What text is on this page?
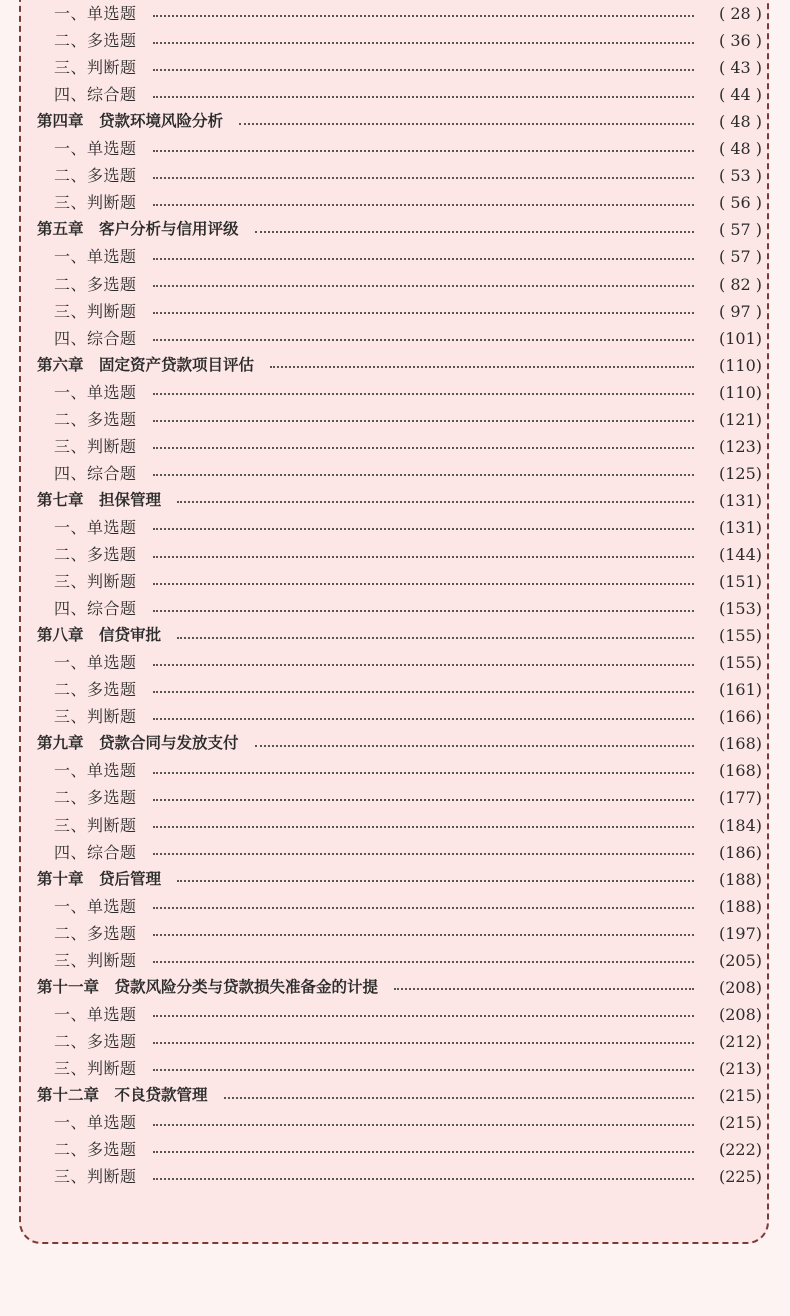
一、单选题	( 28 )
二、多选题	( 36 )
三、判断题	( 43 )
四、综合题	( 44 )
第四章　贷款环境风险分析	( 48 )
一、单选题	( 48 )
二、多选题	( 53 )
三、判断题	( 56 )
第五章　客户分析与信用评级	( 57 )
一、单选题	( 57 )
二、多选题	( 82 )
三、判断题	( 97 )
四、综合题	(101)
第六章　固定资产贷款项目评估	(110)
一、单选题	(110)
二、多选题	(121)
三、判断题	(123)
四、综合题	(125)
第七章　担保管理	(131)
一、单选题	(131)
二、多选题	(144)
三、判断题	(151)
四、综合题	(153)
第八章　信贷审批	(155)
一、单选题	(155)
二、多选题	(161)
三、判断题	(166)
第九章　贷款合同与发放支付	(168)
一、单选题	(168)
二、多选题	(177)
三、判断题	(184)
四、综合题	(186)
第十章　贷后管理	(188)
一、单选题	(188)
二、多选题	(197)
三、判断题	(205)
第十一章　贷款风险分类与贷款损失准备金的计提	(208)
一、单选题	(208)
二、多选题	(212)
三、判断题	(213)
第十二章　不良贷款管理	(215)
一、单选题	(215)
二、多选题	(222)
三、判断题	(225)
